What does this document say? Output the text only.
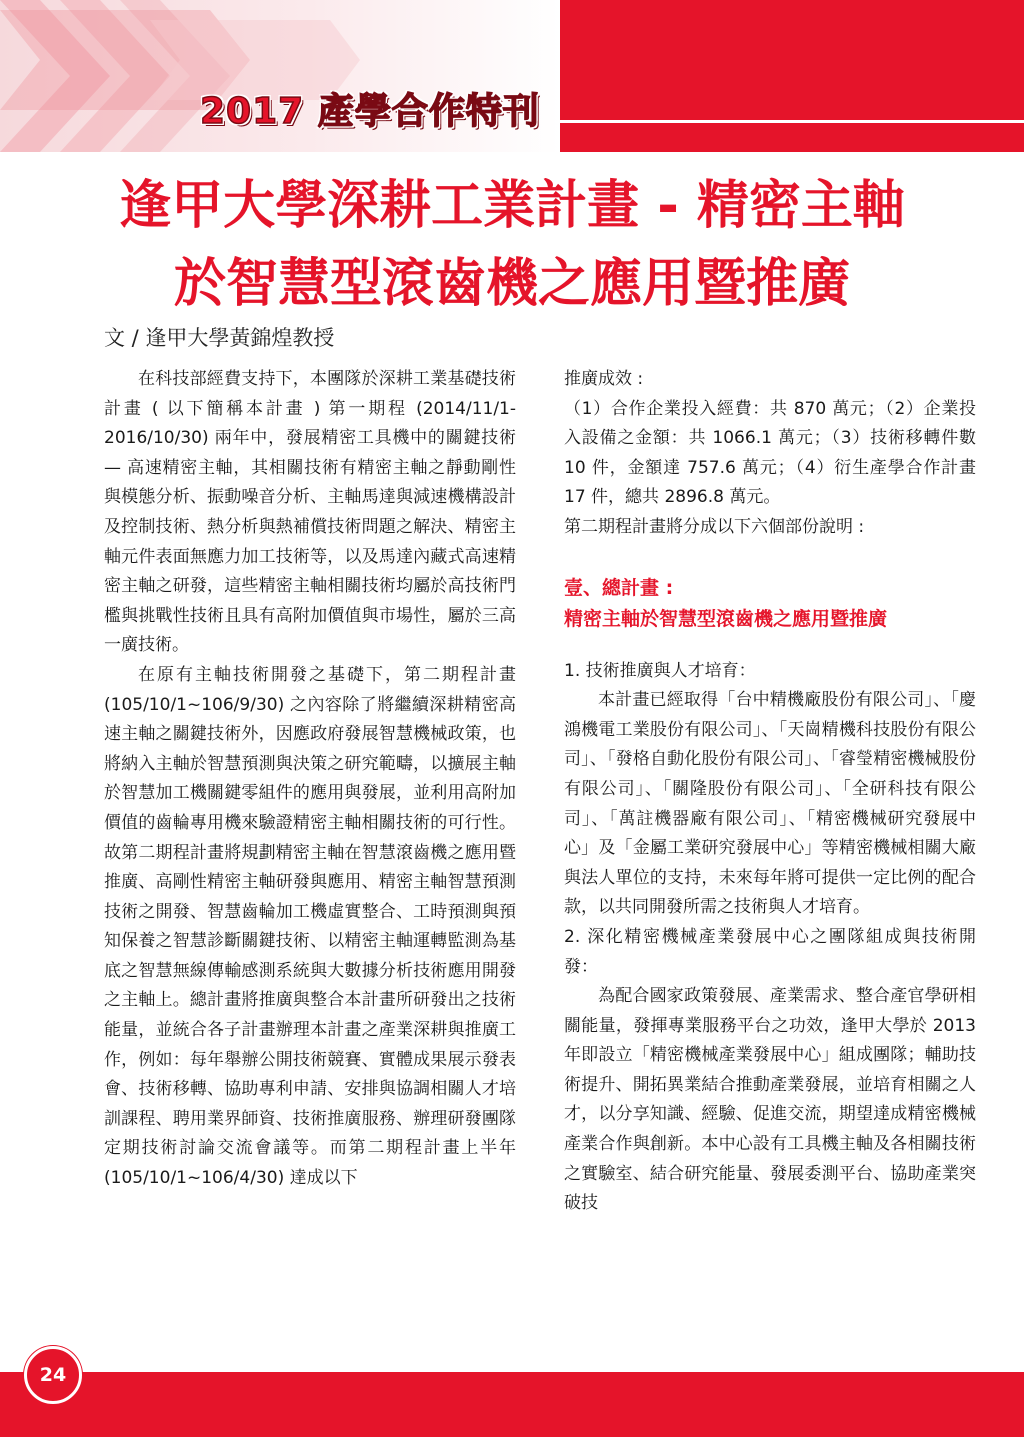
2017 產學合作特刊
逢甲大學深耕工業計畫 - 精密主軸
於智慧型滾齒機之應用暨推廣
文 / 逢甲大學黃錦煌教授

在科技部經費支持下，本團隊於深耕工業基礎技術計畫 ( 以下簡稱本計畫 ) 第一期程 (2014/11/1-2016/10/30) 兩年中，發展精密工具機中的關鍵技術 — 高速精密主軸，其相關技術有精密主軸之靜動剛性與模態分析、振動噪音分析、主軸馬達與減速機構設計及控制技術、熱分析與熱補償技術問題之解決、精密主軸元件表面無應力加工技術等，以及馬達內藏式高速精密主軸之研發，這些精密主軸相關技術均屬於高技術門檻與挑戰性技術且具有高附加價值與市場性，屬於三高一廣技術。

在原有主軸技術開發之基礎下，第二期程計畫 (105/10/1~106/9/30) 之內容除了將繼續深耕精密高速主軸之關鍵技術外，因應政府發展智慧機械政策，也將納入主軸於智慧預測與決策之研究範疇，以擴展主軸於智慧加工機關鍵零組件的應用與發展，並利用高附加價值的齒輪專用機來驗證精密主軸相關技術的可行性。故第二期程計畫將規劃精密主軸在智慧滾齒機之應用暨推廣、高剛性精密主軸研發與應用、精密主軸智慧預測技術之開發、智慧齒輪加工機虛實整合、工時預測與預知保養之智慧診斷關鍵技術、以精密主軸運轉監測為基底之智慧無線傳輸感測系統與大數據分析技術應用開發之主軸上。總計畫將推廣與整合本計畫所研發出之技術能量，並統合各子計畫辦理本計畫之產業深耕與推廣工作，例如：每年舉辦公開技術競賽、實體成果展示發表會、技術移轉、協助專利申請、安排與協調相關人才培訓課程、聘用業界師資、技術推廣服務、辦理研發團隊定期技術討論交流會議等。而第二期程計畫上半年 (105/10/1~106/4/30) 達成以下

推廣成效 :

（1）合作企業投入經費：共 870 萬元；（2）企業投入設備之金額：共 1066.1 萬元；（3）技術移轉件數 10 件，金額達 757.6 萬元；（4）衍生產學合作計畫 17 件，總共 2896.8 萬元。

第二期程計畫將分成以下六個部份說明 :

壹、總計畫 :

精密主軸於智慧型滾齒機之應用暨推廣

1. 技術推廣與人才培育：

本計畫已經取得「台中精機廠股份有限公司」、「慶鴻機電工業股份有限公司」、「天崗精機科技股份有限公司」、「發格自動化股份有限公司」、「睿瑩精密機械股份有限公司」、「關隆股份有限公司」、「全研科技有限公司」、「萬註機器廠有限公司」、「精密機械研究發展中心」及「金屬工業研究發展中心」等精密機械相關大廠與法人單位的支持，未來每年將可提供一定比例的配合款，以共同開發所需之技術與人才培育。

2. 深化精密機械產業發展中心之團隊組成與技術開發：

為配合國家政策發展、產業需求、整合產官學研相關能量，發揮專業服務平台之功效，逢甲大學於 2013 年即設立「精密機械產業發展中心」組成團隊；輔助技術提升、開拓異業結合推動產業發展，並培育相關之人才，以分享知識、經驗、促進交流，期望達成精密機械產業合作與創新。本中心設有工具機主軸及各相關技術之實驗室、結合研究能量、發展委測平台、協助產業突破技

24
